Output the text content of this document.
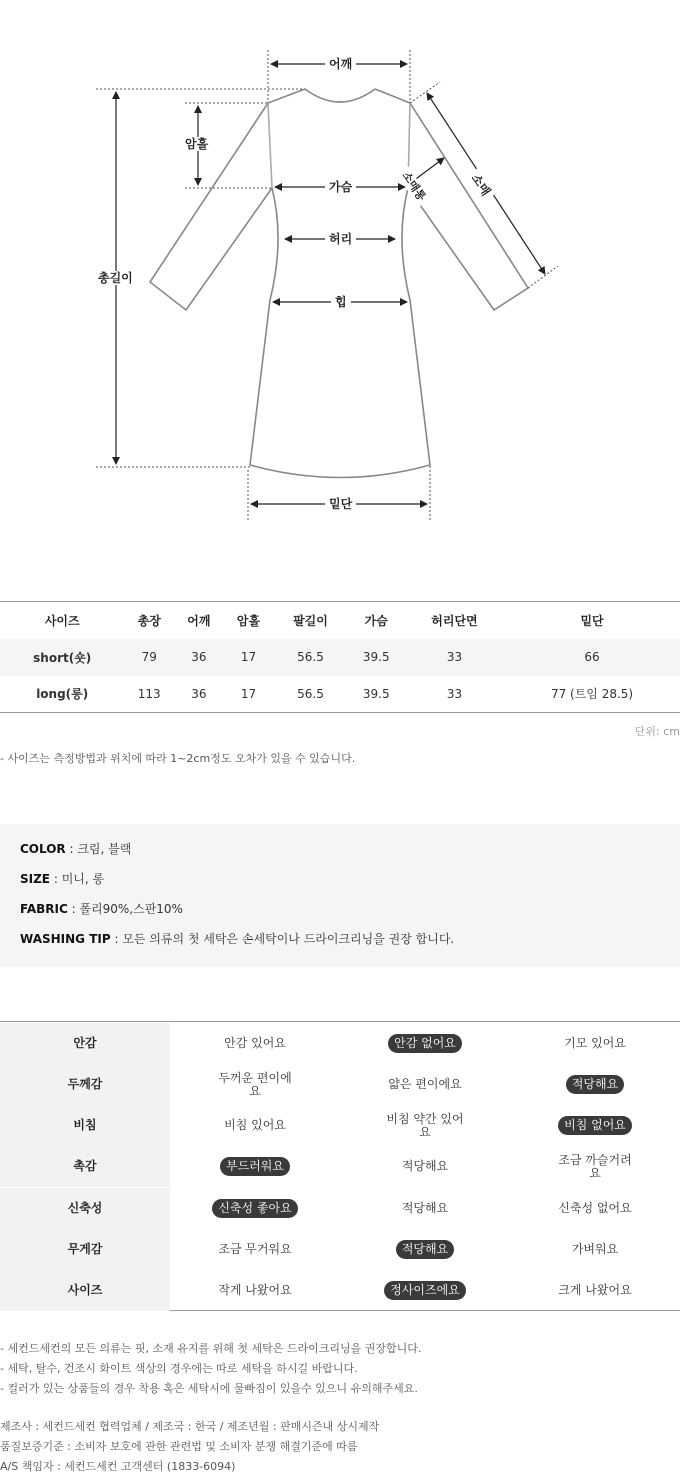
어깨
암홀
가슴
허리
힙
밑단
총길이
소매통	소매
사이즈	총장	어깨	암홀	팔길이	가슴	허리단면	밑단
short(숏)	79	36	17	56.5	39.5	33	66
long(롱)	113	36	17	56.5	39.5	33	77 (트임 28.5)
단위: cm
- 사이즈는 측정방법과 위치에 따라 1~2cm정도 오차가 있을 수 있습니다.
COLOR : 크림, 블랙
SIZE : 미니, 롱
FABRIC : 폴리90%,스판10%
WASHING TIP : 모든 의류의 첫 세탁은 손세탁이나 드라이크리닝을 권장 합니다.
안감	안감 있어요	안감 없어요	기모 있어요
두께감	두꺼운 편이에요	얇은 편이에요	적당해요
비침	비침 있어요	비침 약간 있어요	비침 없어요
촉감	부드러워요	적당해요	조금 까슬거려요
신축성	신축성 좋아요	적당해요	신축성 없어요
무게감	조금 무거워요	적당해요	가벼워요
사이즈	작게 나왔어요	정사이즈에요	크게 나왔어요
- 세컨드세컨의 모든 의류는 핏, 소재 유지를 위해 첫 세탁은 드라이크리닝을 권장합니다.
- 세탁, 탈수, 건조시 화이트 색상의 경우에는 따로 세탁을 하시길 바랍니다.
- 컬러가 있는 상품들의 경우 착용 혹은 세탁시에 물빠짐이 있을수 있으니 유의해주세요.
제조사 : 세컨드세컨 협력업체 / 제조국 : 한국 / 제조년월 : 판매시즌내 상시제작
품질보증기준 : 소비자 보호에 관한 관련법 및 소비자 분쟁 해결기준에 따름
A/S 책임자 : 세컨드세컨 고객센터 (1833-6094)
